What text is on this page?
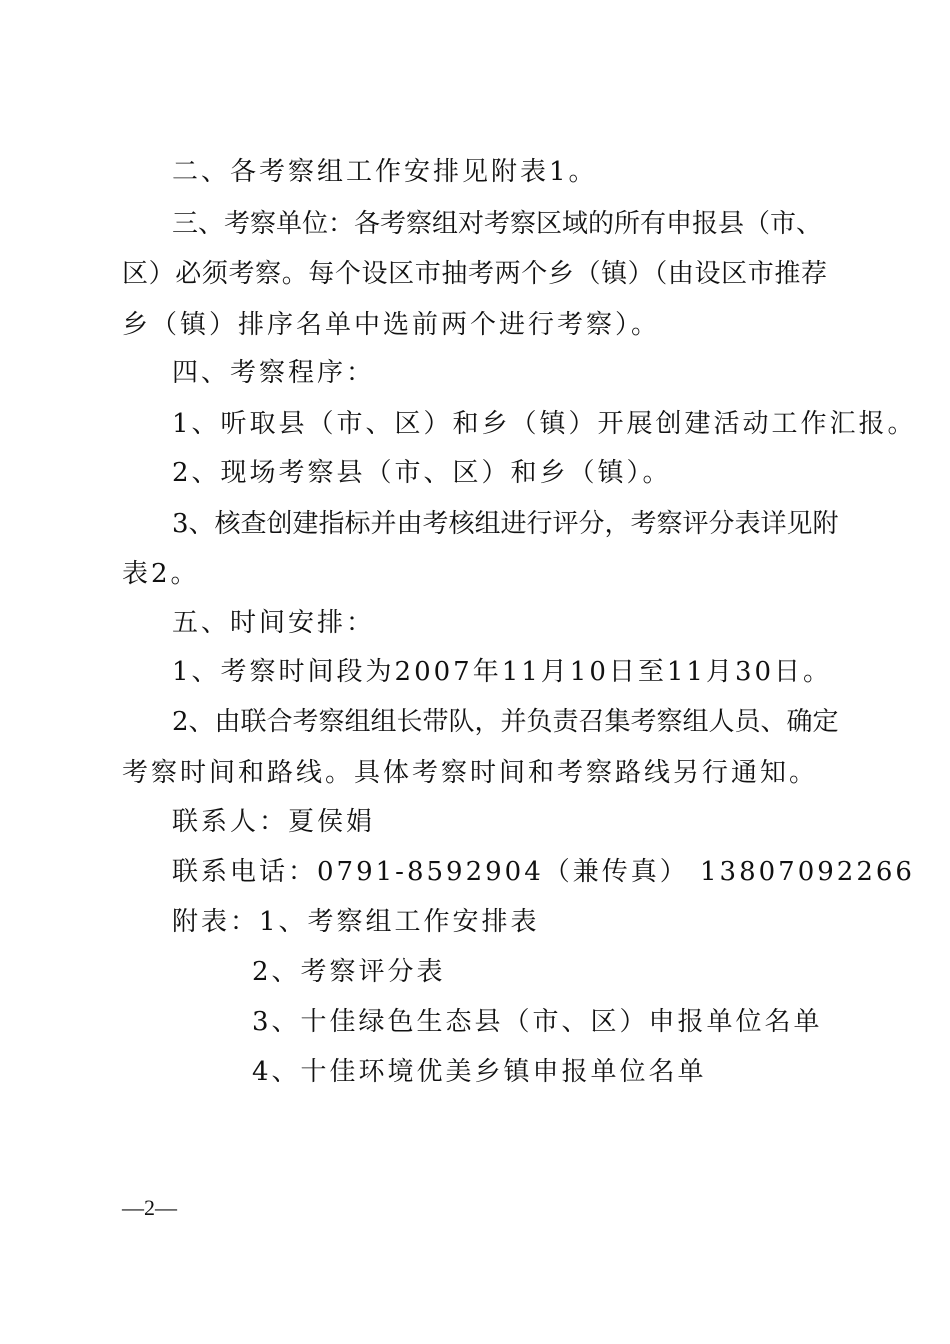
二、各考察组工作安排见附表1。
三、考察单位：各考察组对考察区域的所有申报县（市、
区）必须考察。每个设区市抽考两个乡（镇）（由设区市推荐
乡（镇）排序名单中选前两个进行考察）。
四、考察程序：
1、听取县（市、区）和乡（镇）开展创建活动工作汇报。
2、现场考察县（市、区）和乡（镇）。
3、核查创建指标并由考核组进行评分，考察评分表详见附
表2。
五、时间安排：
1、考察时间段为2007年11月10日至11月30日。
2、由联合考察组组长带队，并负责召集考察组人员、确定
考察时间和路线。具体考察时间和考察路线另行通知。
联系人：夏侯娟
联系电话：0791-8592904（兼传真） 13807092266
附表：1、考察组工作安排表
2、考察评分表
3、十佳绿色生态县（市、区）申报单位名单
4、十佳环境优美乡镇申报单位名单
—2—
